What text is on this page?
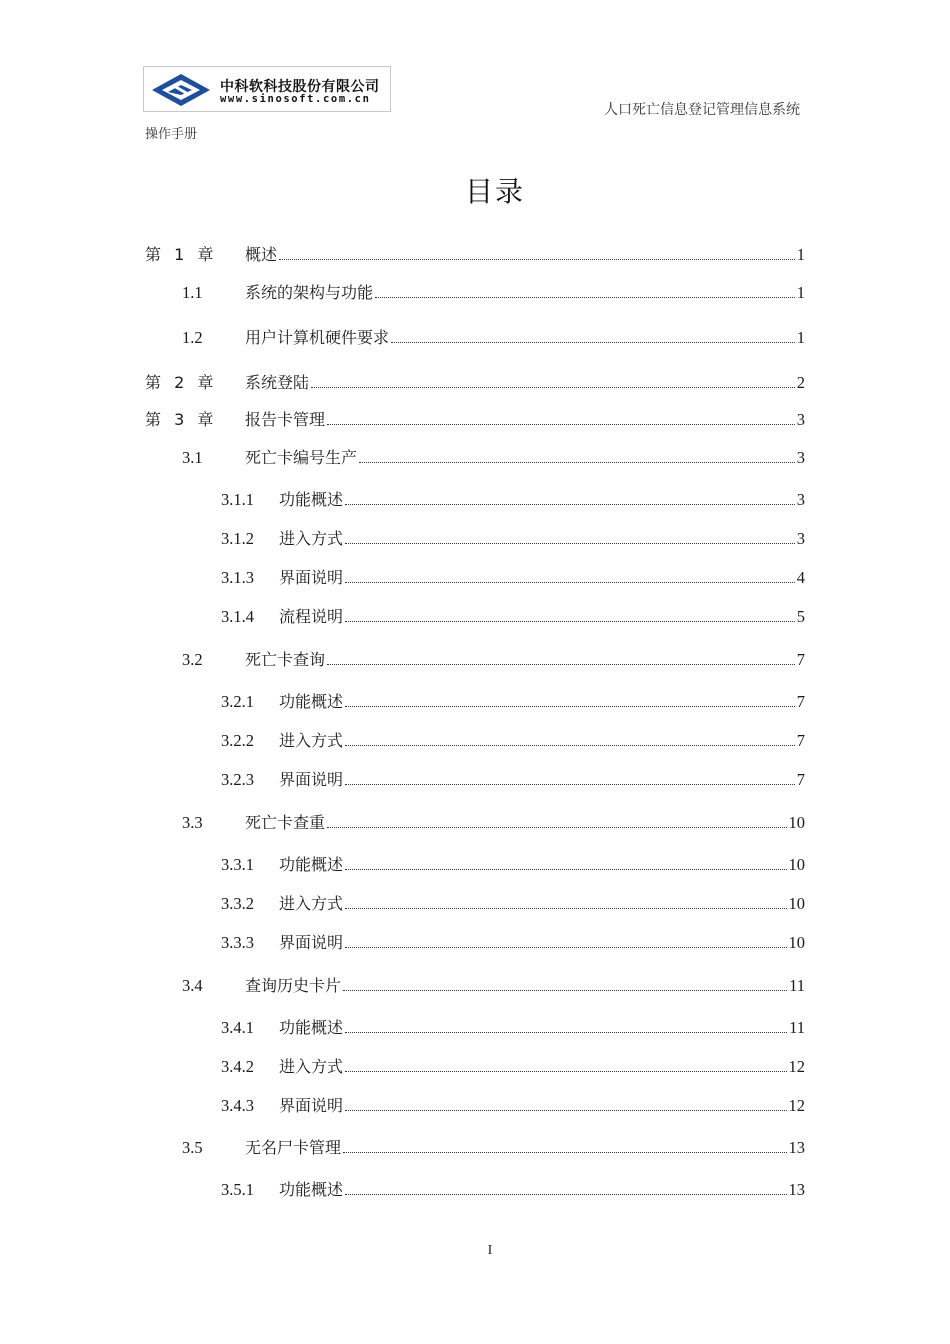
中科软科技股份有限公司
www.sinosoft.com.cn
人口死亡信息登记管理信息系统
操作手册
目录
第 1 章	概述	1
1.1	系统的架构与功能	1
1.2	用户计算机硬件要求	1
第 2 章	系统登陆	2
第 3 章	报告卡管理	3
3.1	死亡卡编号生产	3
3.1.1	功能概述	3
3.1.2	进入方式	3
3.1.3	界面说明	4
3.1.4	流程说明	5
3.2	死亡卡查询	7
3.2.1	功能概述	7
3.2.2	进入方式	7
3.2.3	界面说明	7
3.3	死亡卡查重	10
3.3.1	功能概述	10
3.3.2	进入方式	10
3.3.3	界面说明	10
3.4	查询历史卡片	11
3.4.1	功能概述	11
3.4.2	进入方式	12
3.4.3	界面说明	12
3.5	无名尸卡管理	13
3.5.1	功能概述	13
I
